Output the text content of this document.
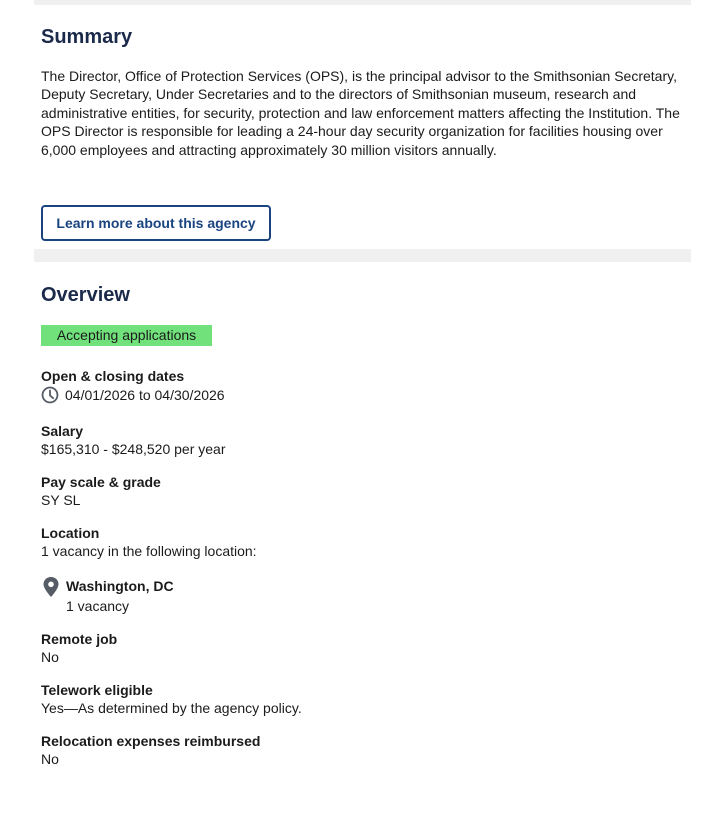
Summary
The Director, Office of Protection Services (OPS), is the principal advisor to the Smithsonian Secretary, Deputy Secretary, Under Secretaries and to the directors of Smithsonian museum, research and administrative entities, for security, protection and law enforcement matters affecting the Institution. The OPS Director is responsible for leading a 24-hour day security organization for facilities housing over 6,000 employees and attracting approximately 30 million visitors annually.
Learn more about this agency
Overview
Accepting applications
Open & closing dates
04/01/2026 to 04/30/2026
Salary
$165,310 - $248,520 per year
Pay scale & grade
SY SL
Location
1 vacancy in the following location:
Washington, DC
1 vacancy
Remote job
No
Telework eligible
Yes—As determined by the agency policy.
Relocation expenses reimbursed
No
